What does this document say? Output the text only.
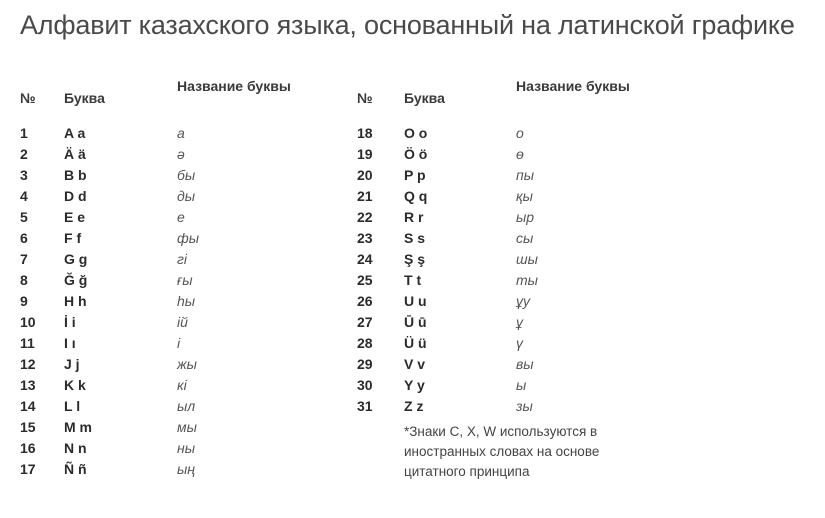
Алфавит казахского языка, основанный на латинской графике
№ Буква
Название буквы
1	A a	а
2	Ä ä	ә
3	B b	бы
4	D d	ды
5	E e	е
6	F f	фы
7	G g	гі
8	Ğ ğ	ғы
9	H h	һы
10 İ i	ій
11 I ı	і
12 J j	жы
13 K k	кі
14 L l	ыл
15 M m	мы
16 N n	ны
17 Ñ ñ	ың
№ Буква
Название буквы
18 O o	о
19 Ö ö	ө
20 P p	пы
21 Q q	қы
22 R r	ыр
23 S s	сы
24 Ş ş	шы
25 T t	ты
26 U u	ұу
27 Ū ū	ұ
28 Ü ü	ү
29 V v	вы
30 Y y	ы
31 Z z	зы
*Знаки C, X, W используются в иностранных словах на основе цитатного принципа
